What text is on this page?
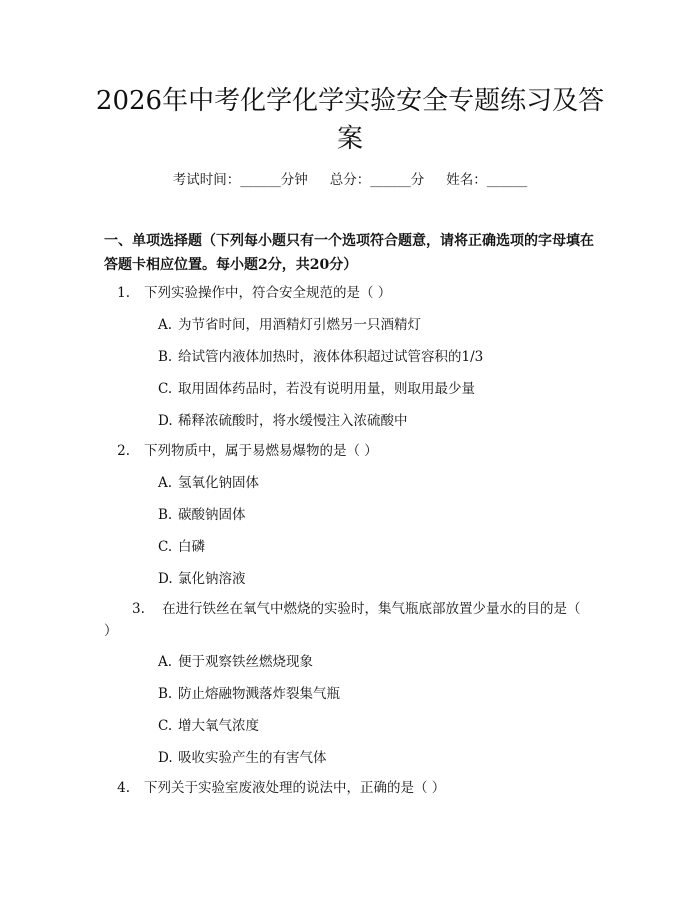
2026年中考化学化学实验安全专题练习及答案
考试时间：______分钟 总分：______分 姓名：______

一、单项选择题（下列每小题只有一个选项符合题意，请将正确选项的字母填在答题卡相应位置。每小题2分，共20分）

1. 下列实验操作中，符合安全规范的是（ ）
A. 为节省时间，用酒精灯引燃另一只酒精灯
B. 给试管内液体加热时，液体体积超过试管容积的1/3
C. 取用固体药品时，若没有说明用量，则取用最少量
D. 稀释浓硫酸时，将水缓慢注入浓硫酸中
2. 下列物质中，属于易燃易爆物的是（ ）
A. 氢氧化钠固体
B. 碳酸钠固体
C. 白磷
D. 氯化钠溶液
3. 在进行铁丝在氧气中燃烧的实验时，集气瓶底部放置少量水的目的是（ ）
A. 便于观察铁丝燃烧现象
B. 防止熔融物溅落炸裂集气瓶
C. 增大氧气浓度
D. 吸收实验产生的有害气体
4. 下列关于实验室废液处理的说法中，正确的是（ ）
